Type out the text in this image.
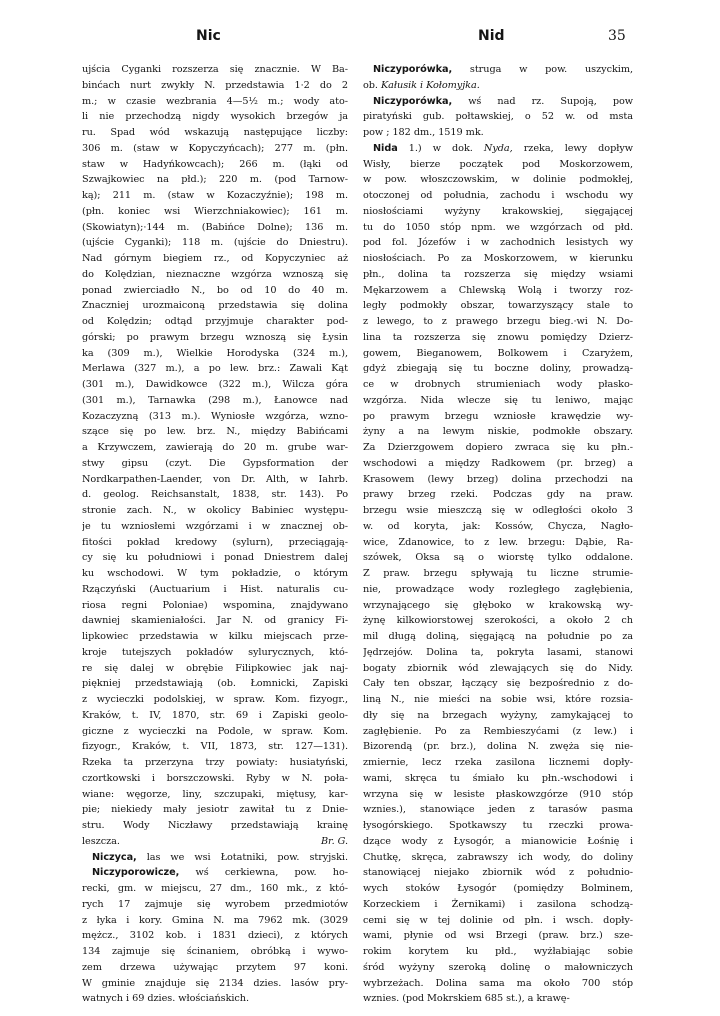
Nic	Nid	35
ujścia Cyganki rozszerza się znacznie. W Ba-
binćach nurt zwykły N. przedstawia 1·2 do 2
m.; w czasie wezbrania 4—5½ m.; wody ato-
li nie przechodzą nigdy wysokich brzegów ja
ru. Spad wód wskazują następujące liczby:
306 m. (staw w Kopyczyńcach); 277 m. (płn.
staw w Hadyńkowcach); 266 m. (łąki od
Szwajkowiec na płd.); 220 m. (pod Tarnow-
ką); 211 m. (staw w Kozaczyźnie); 198 m.
(płn. koniec wsi Wierzchniakowiec); 161 m.
(Skowiatyn);·144 m. (Babińce Dolne); 136 m.
(ujście Cyganki); 118 m. (ujście do Dniestru).
Nad górnym biegiem rz., od Kopyczyniec aż
do Kolędzian, nieznaczne wzgórza wznoszą się
ponad zwierciadło N., bo od 10 do 40 m.
Znaczniej urozmaiconą przedstawia się dolina
od Kolędzin; odtąd przyjmuje charakter pod-
górski; po prawym brzegu wznoszą się Łysin
ka (309 m.), Wielkie Horodyska (324 m.),
Merlawa (327 m.), a po lew. brz.: Zawali Kąt
(301 m.), Dawidkowce (322 m.), Wilcza góra
(301 m.), Tarnawka (298 m.), Łanowce nad
Kozaczyzną (313 m.). Wyniosłe wzgórza, wzno-
szące się po lew. brz. N., między Babińcami
a Krzywczem, zawierają do 20 m. grube war-
stwy gipsu (czyt. Die Gypsformation der
Nordkarpathen-Laender, von Dr. Alth, w Iahrb.
d. geolog. Reichsanstalt, 1838, str. 143). Po
stronie zach. N., w okolicy Babiniec występu-
je tu wzniosłemi wzgórzami i w znacznej ob-
fitości pokład kredowy (sylurn), przeciągają-
cy się ku południowi i ponad Dniestrem dalej
ku wschodowi. W tym pokładzie, o którym
Rzączyński (Auctuarium i Hist. naturalis cu-
riosa regni Poloniae) wspomina, znajdywano
dawniej skamieniałości. Jar N. od granicy Fi-
lipkowiec przedstawia w kilku miejscach prze-
kroje tutejszych pokładów sylurycznych, któ-
re się dalej w obrębie Filipkowiec jak naj-
piękniej przedstawiają (ob. Łomnicki, Zapiski
z wycieczki podolskiej, w spraw. Kom. fizyogr.,
Kraków, t. IV, 1870, str. 69 i Zapiski geolo-
giczne z wycieczki na Podole, w spraw. Kom.
fizyogr., Kraków, t. VII, 1873, str. 127—131).
Rzeka ta przerzyna trzy powiaty: husiatyński,
czortkowski i borszczowski. Ryby w N. poła-
wiane: węgorze, liny, szczupaki, miętusy, kar-
pie; niekiedy mały jesiotr zawitał tu z Dnie-
stru. Wody Niczławy przedstawiają krainę
leszcza.	Br. G.
Niczyca, las we wsi Łotatniki, pow. stryjski.
Niczyporowicze, wś cerkiewna, pow. ho-
recki, gm. w miejscu, 27 dm., 160 mk., z któ-
rych 17 zajmuje się wyrobem przedmiotów
z łyka i kory. Gmina N. ma 7962 mk. (3029
mężcz., 3102 kob. i 1831 dzieci), z których
134 zajmuje się ścinaniem, obróbką i wywo-
zem drzewa używając przytem 97 koni.
W gminie znajduje się 2134 dzies. lasów pry-
watnych i 69 dzies. włościańskich.
Niczyporówka, struga w pow. uszyckim,
ob. Kałusik i Kołomyjka.
Niczyporówka, wś nad rz. Supoją, pow
piratyński gub. połtawskiej, o 52 w. od msta
pow ; 182 dm., 1519 mk.
Nida 1.) w dok. Nyda, rzeka, lewy dopływ
Wisły, bierze początek pod Moskorzowem,
w pow. włoszczowskim, w dolinie podmokłej,
otoczonej od południa, zachodu i wschodu wy
niosłościami wyżyny krakowskiej, sięgającej
tu do 1050 stóp npm. we wzgórzach od płd.
pod fol. Józefów i w zachodnich lesistych wy
niosłościach. Po za Moskorzowem, w kierunku
płn., dolina ta rozszerza się między wsiami
Mękarzowem a Chlewską Wolą i tworzy roz-
legły podmokły obszar, towarzyszący stale to
z lewego, to z prawego brzegu bieg.·wi N. Do-
lina ta rozszerza się znowu pomiędzy Dzierz-
gowem, Bieganowem, Bolkowem i Czaryżem,
gdyż zbiegają się tu boczne doliny, prowadzą-
ce w drobnych strumieniach wody płasko-
wzgórza. Nida wlecze się tu leniwo, mając
po prawym brzegu wzniosłe krawędzie wy-
żyny a na lewym niskie, podmokłe obszary.
Za Dzierzgowem dopiero zwraca się ku płn.-
wschodowi a między Radkowem (pr. brzeg) a
Krasowem (lewy brzeg) dolina przechodzi na
prawy brzeg rzeki. Podczas gdy na praw.
brzegu wsie mieszczą się w odległości około 3
w. od koryta, jak: Kossów, Chycza, Nagło-
wice, Zdanowice, to z lew. brzegu: Dąbie, Ra-
szówek, Oksa są o wiorstę tylko oddalone.
Z praw. brzegu spływają tu liczne strumie-
nie, prowadzące wody rozległego zagłębienia,
wrzynającego się głęboko w krakowską wy-
żynę kilkowiorstowej szerokości, a około 2 ch
mil długą doliną, sięgającą na południe po za
Jędrzejów. Dolina ta, pokryta lasami, stanowi
bogaty zbiornik wód zlewających się do Nidy.
Cały ten obszar, łączący się bezpośrednio z do-
liną N., nie mieści na sobie wsi, które rozsia-
dły się na brzegach wyżyny, zamykającej to
zagłębienie. Po za Rembieszyćami (z lew.) i
Bizorendą (pr. brz.), dolina N. zwęża się nie-
zmiernie, lecz rzeka zasilona licznemi dopły-
wami, skręca tu śmiało ku płn.-wschodowi i
wrzyna się w lesiste płaskowzgórze (910 stóp
wznies.), stanowiące jeden z tarasów pasma
łysogórskiego. Spotkawszy tu rzeczki prowa-
dzące wody z Łysogór, a mianowicie Łośnię i
Chutkę, skręca, zabrawszy ich wody, do doliny
stanowiącej niejako zbiornik wód z południo-
wych stoków Łysogór (pomiędzy Bolminem,
Korzeckiem i Żernikami) i zasilona schodzą-
cemi się w tej dolinie od płn. i wsch. dopły-
wami, płynie od wsi Brzegi (praw. brz.) sze-
rokim korytem ku płd., wyżłabiając sobie
śród wyżyny szeroką dolinę o małowniczych
wybrzeżach. Dolina sama ma około 700 stóp
wznies. (pod Mokrskiem 685 st.), a krawę-
